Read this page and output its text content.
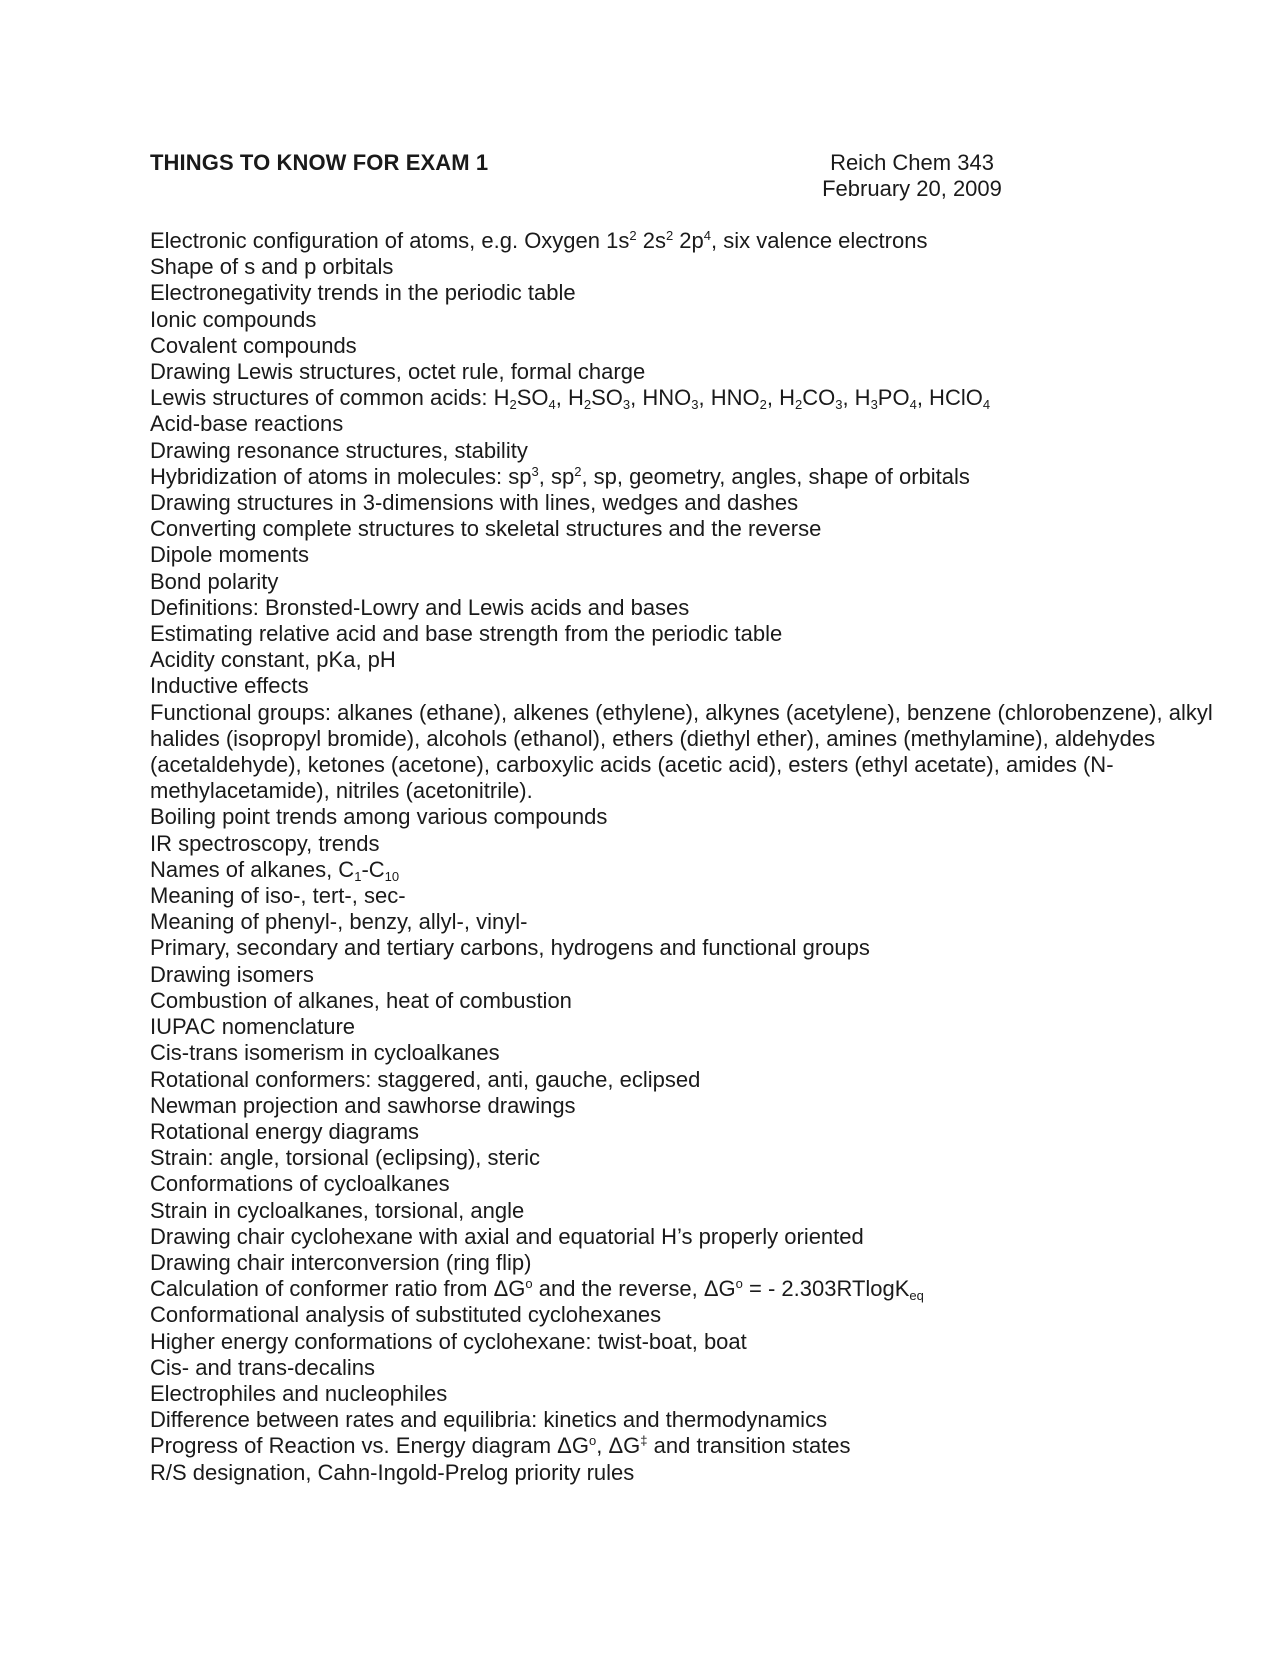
THINGS TO KNOW FOR EXAM 1	Reich Chem 343
February 20, 2009
Electronic configuration of atoms, e.g. Oxygen $1s^2$ $2s^2$ $2p^4$, six valence electrons
Shape of s and p orbitals
Electronegativity trends in the periodic table
Ionic compounds
Covalent compounds
Drawing Lewis structures, octet rule, formal charge
Lewis structures of common acids: $H_2SO_4$, $H_2SO_3$, $HNO_3$, $HNO_2$, $H_2CO_3$, $H_3PO_4$, HClO$_4$
Acid-base reactions
Drawing resonance structures, stability
Hybridization of atoms in molecules: $sp^3$, $sp^2$, sp, geometry, angles, shape of orbitals
Drawing structures in 3-dimensions with lines, wedges and dashes
Converting complete structures to skeletal structures and the reverse
Dipole moments
Bond polarity
Definitions: Bronsted-Lowry and Lewis acids and bases
Estimating relative acid and base strength from the periodic table
Acidity constant, pKa, pH
Inductive effects
Functional groups: alkanes (ethane), alkenes (ethylene), alkynes (acetylene), benzene (chlorobenzene), alkyl halides (isopropyl bromide), alcohols (ethanol), ethers (diethyl ether), amines (methylamine), aldehydes (acetaldehyde), ketones (acetone), carboxylic acids (acetic acid), esters (ethyl acetate), amides (N-methylacetamide), nitriles (acetonitrile).
Boiling point trends among various compounds
IR spectroscopy, trends
Names of alkanes, $C_1-C_{10}$
Meaning of iso-, tert-, sec-
Meaning of phenyl-, benzy, allyl-, vinyl-
Primary, secondary and tertiary carbons, hydrogens and functional groups
Drawing isomers
Combustion of alkanes, heat of combustion
IUPAC nomenclature
Cis-trans isomerism in cycloalkanes
Rotational conformers: staggered, anti, gauche, eclipsed
Newman projection and sawhorse drawings
Rotational energy diagrams
Strain: angle, torsional (eclipsing), steric
Conformations of cycloalkanes
Strain in cycloalkanes, torsional, angle
Drawing chair cyclohexane with axial and equatorial H’s properly oriented
Drawing chair interconversion (ring flip)
Calculation of conformer ratio from $\Delta G^o$ and the reverse, $\Delta G^o$ = - 2.303RTlogK$_{eq}$
Conformational analysis of substituted cyclohexanes
Higher energy conformations of cyclohexane: twist-boat, boat
Cis- and trans-decalins
Electrophiles and nucleophiles
Difference between rates and equilibria: kinetics and thermodynamics
Progress of Reaction vs. Energy diagram $\Delta G^o$, ΔG‡ and transition states
R/S designation, Cahn-Ingold-Prelog priority rules
